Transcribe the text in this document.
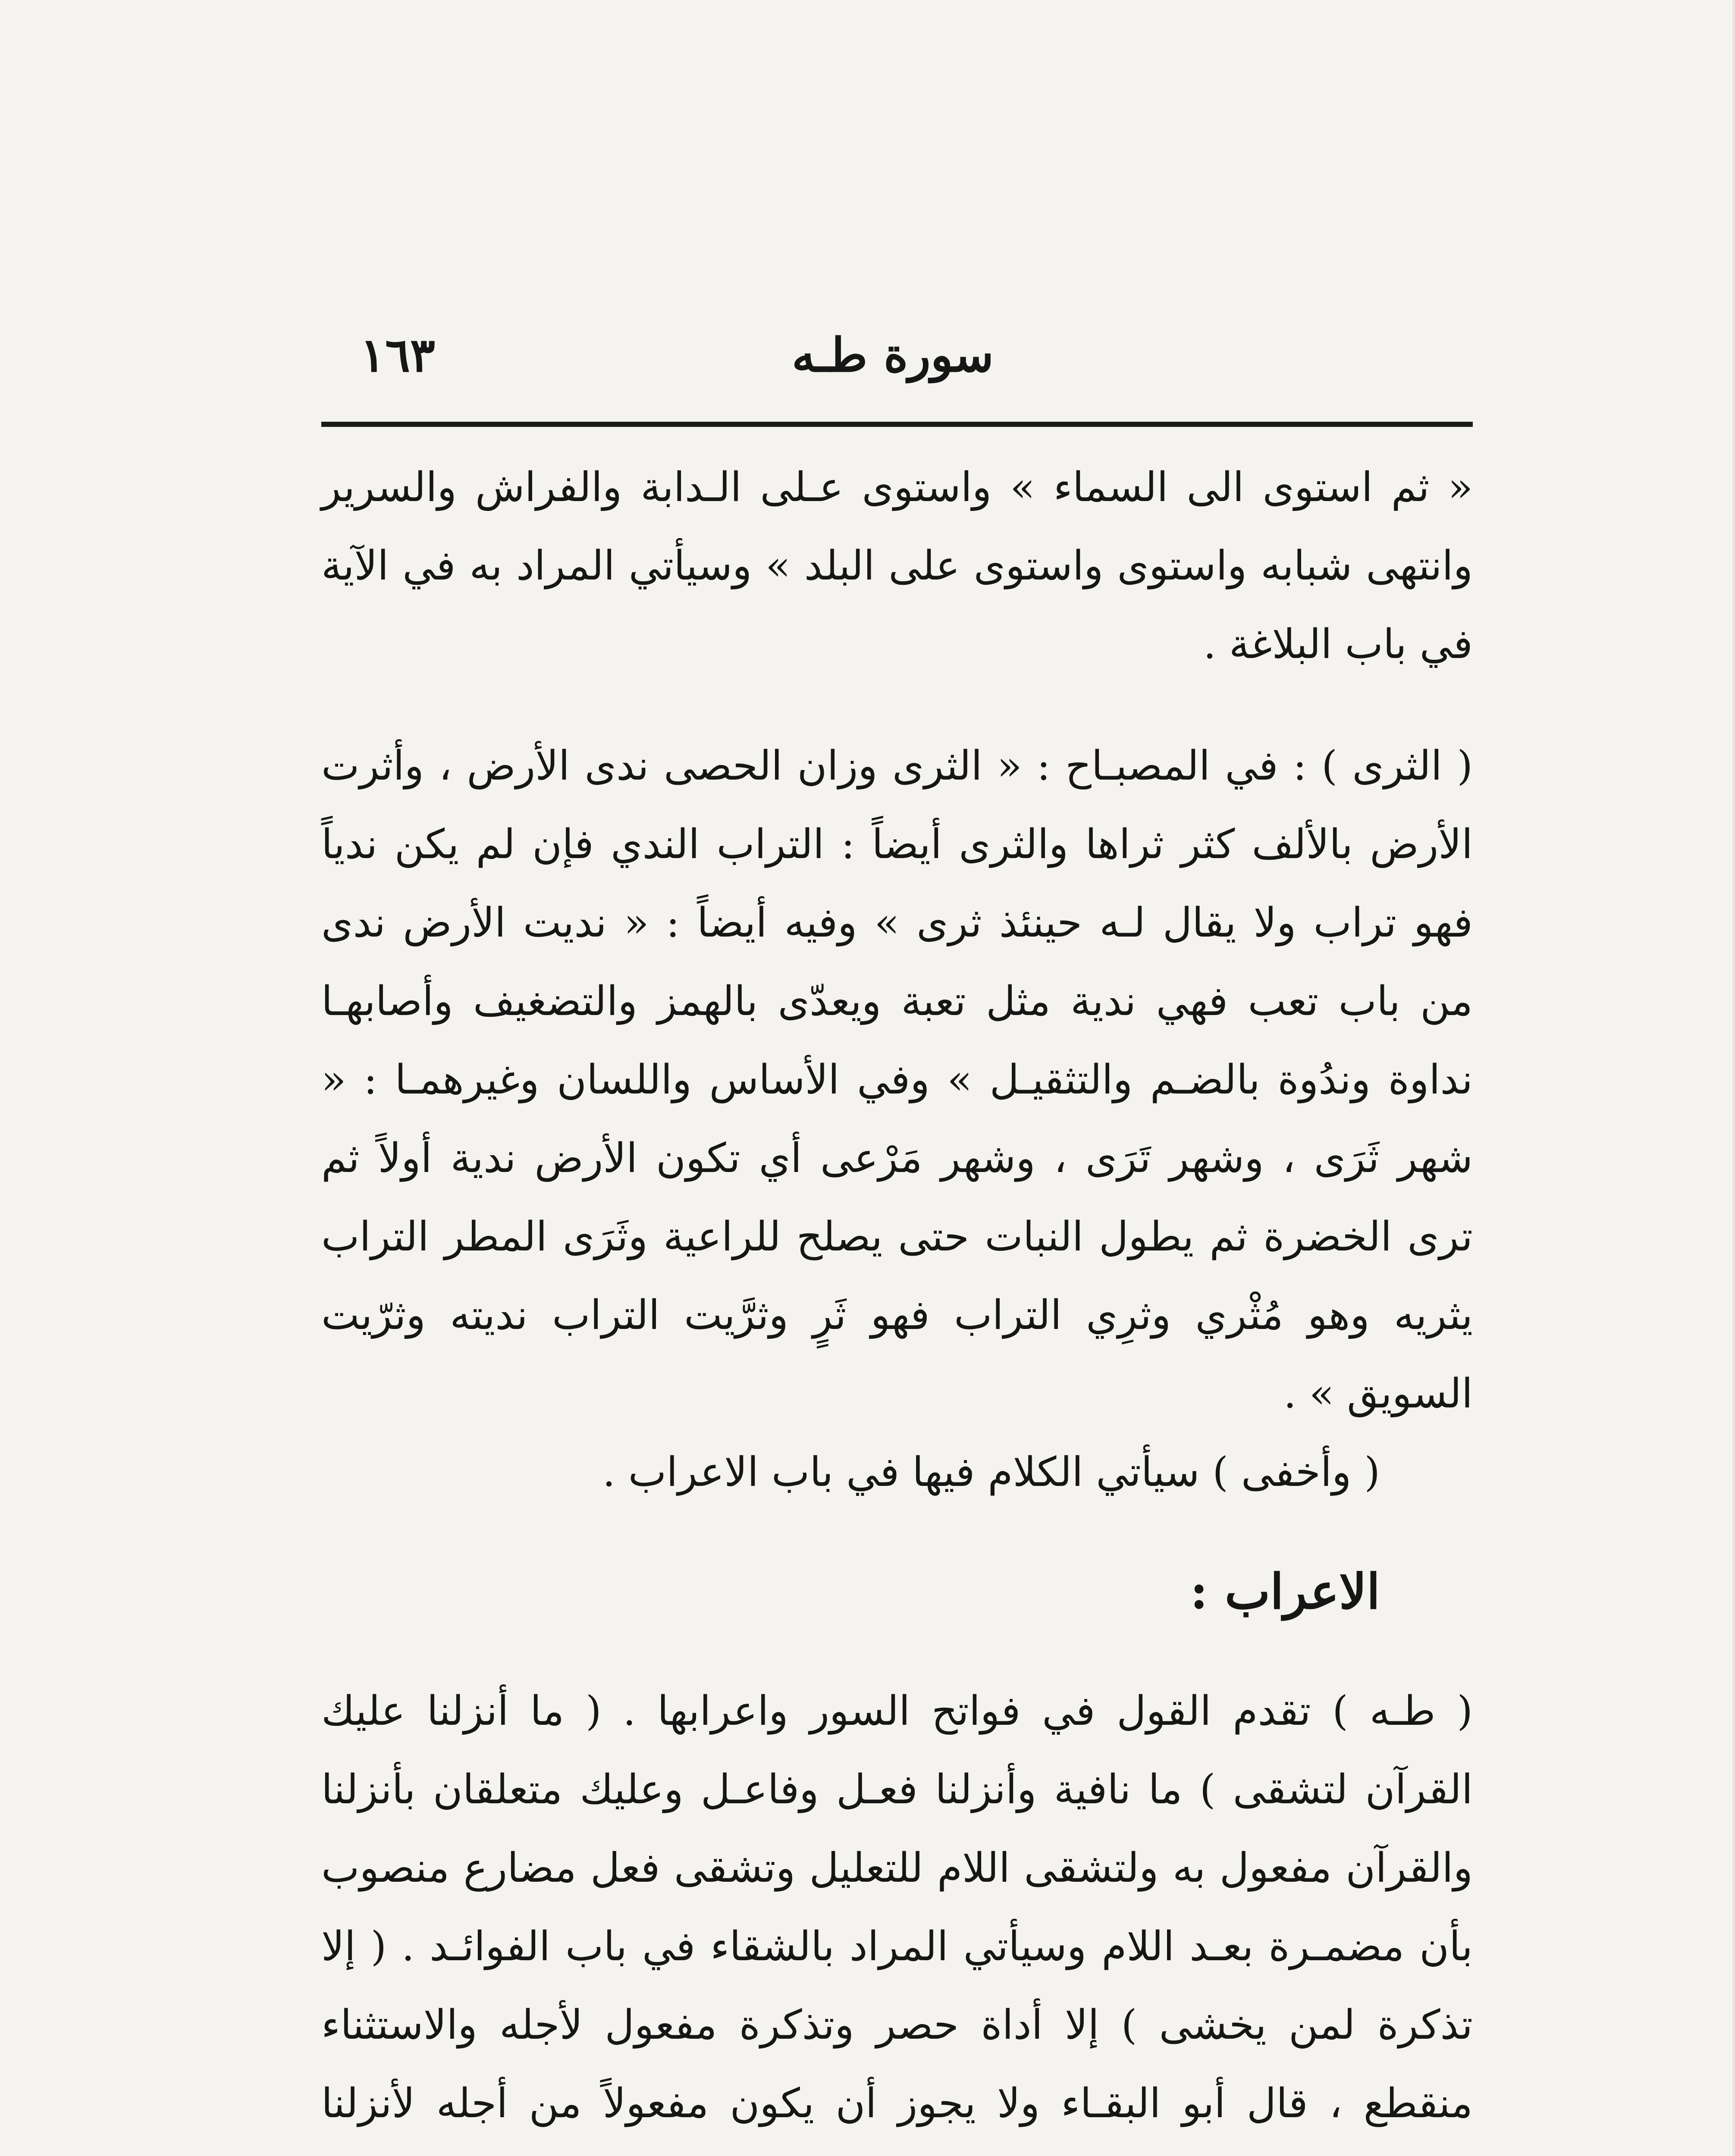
١٦٣	سورة طـه

« ثم استوى الى السماء » واستوى عـلى الـدابة والفراش والسرير وانتهى شبابه واستوى واستوى على البلد » وسيأتي المراد به في الآية في باب البلاغة .

( الثرى ) : في المصبـاح : « الثرى وزان الحصى ندى الأرض ، وأثرت الأرض بالألف كثر ثراها والثرى أيضاً : التراب الندي فإن لم يكن ندياً فهو تراب ولا يقال لـه حينئذ ثرى » وفيه أيضاً : « نديت الأرض ندى من باب تعب فهي ندية مثل تعبة ويعدّى بالهمز والتضغيف وأصابهـا نداوة وندُوة بالضـم والتثقيـل » وفي الأساس واللسان وغيرهمـا : « شهر ثَرَى ، وشهر تَرَى ، وشهر مَرْعى أي تكون الأرض ندية أولاً ثم ترى الخضرة ثم يطول النبات حتى يصلح للراعية وثَرَى المطر التراب يثريه وهو مُثْري وثرِي التراب فهو ثَرٍ وثرَّيت التراب نديته وثرّيت السويق » .

( وأخفى ) سيأتي الكلام فيها في باب الاعراب .

الاعراب :

( طـه ) تقدم القول في فواتح السور واعرابها . ( ما أنزلنا عليك القرآن لتشقى ) ما نافية وأنزلنا فعـل وفاعـل وعليك متعلقان بأنزلنا والقرآن مفعول به ولتشقى اللام للتعليل وتشقى فعل مضارع منصوب بأن مضمـرة بعـد اللام وسيأتي المراد بالشقاء في باب الفوائـد . ( إلا تذكرة لمن يخشى ) إلا أداة حصر وتذكرة مفعول لأجله والاستثناء منقطع ، قال أبو البقـاء ولا يجوز أن يكون مفعولاً من أجله لأنزلنا
